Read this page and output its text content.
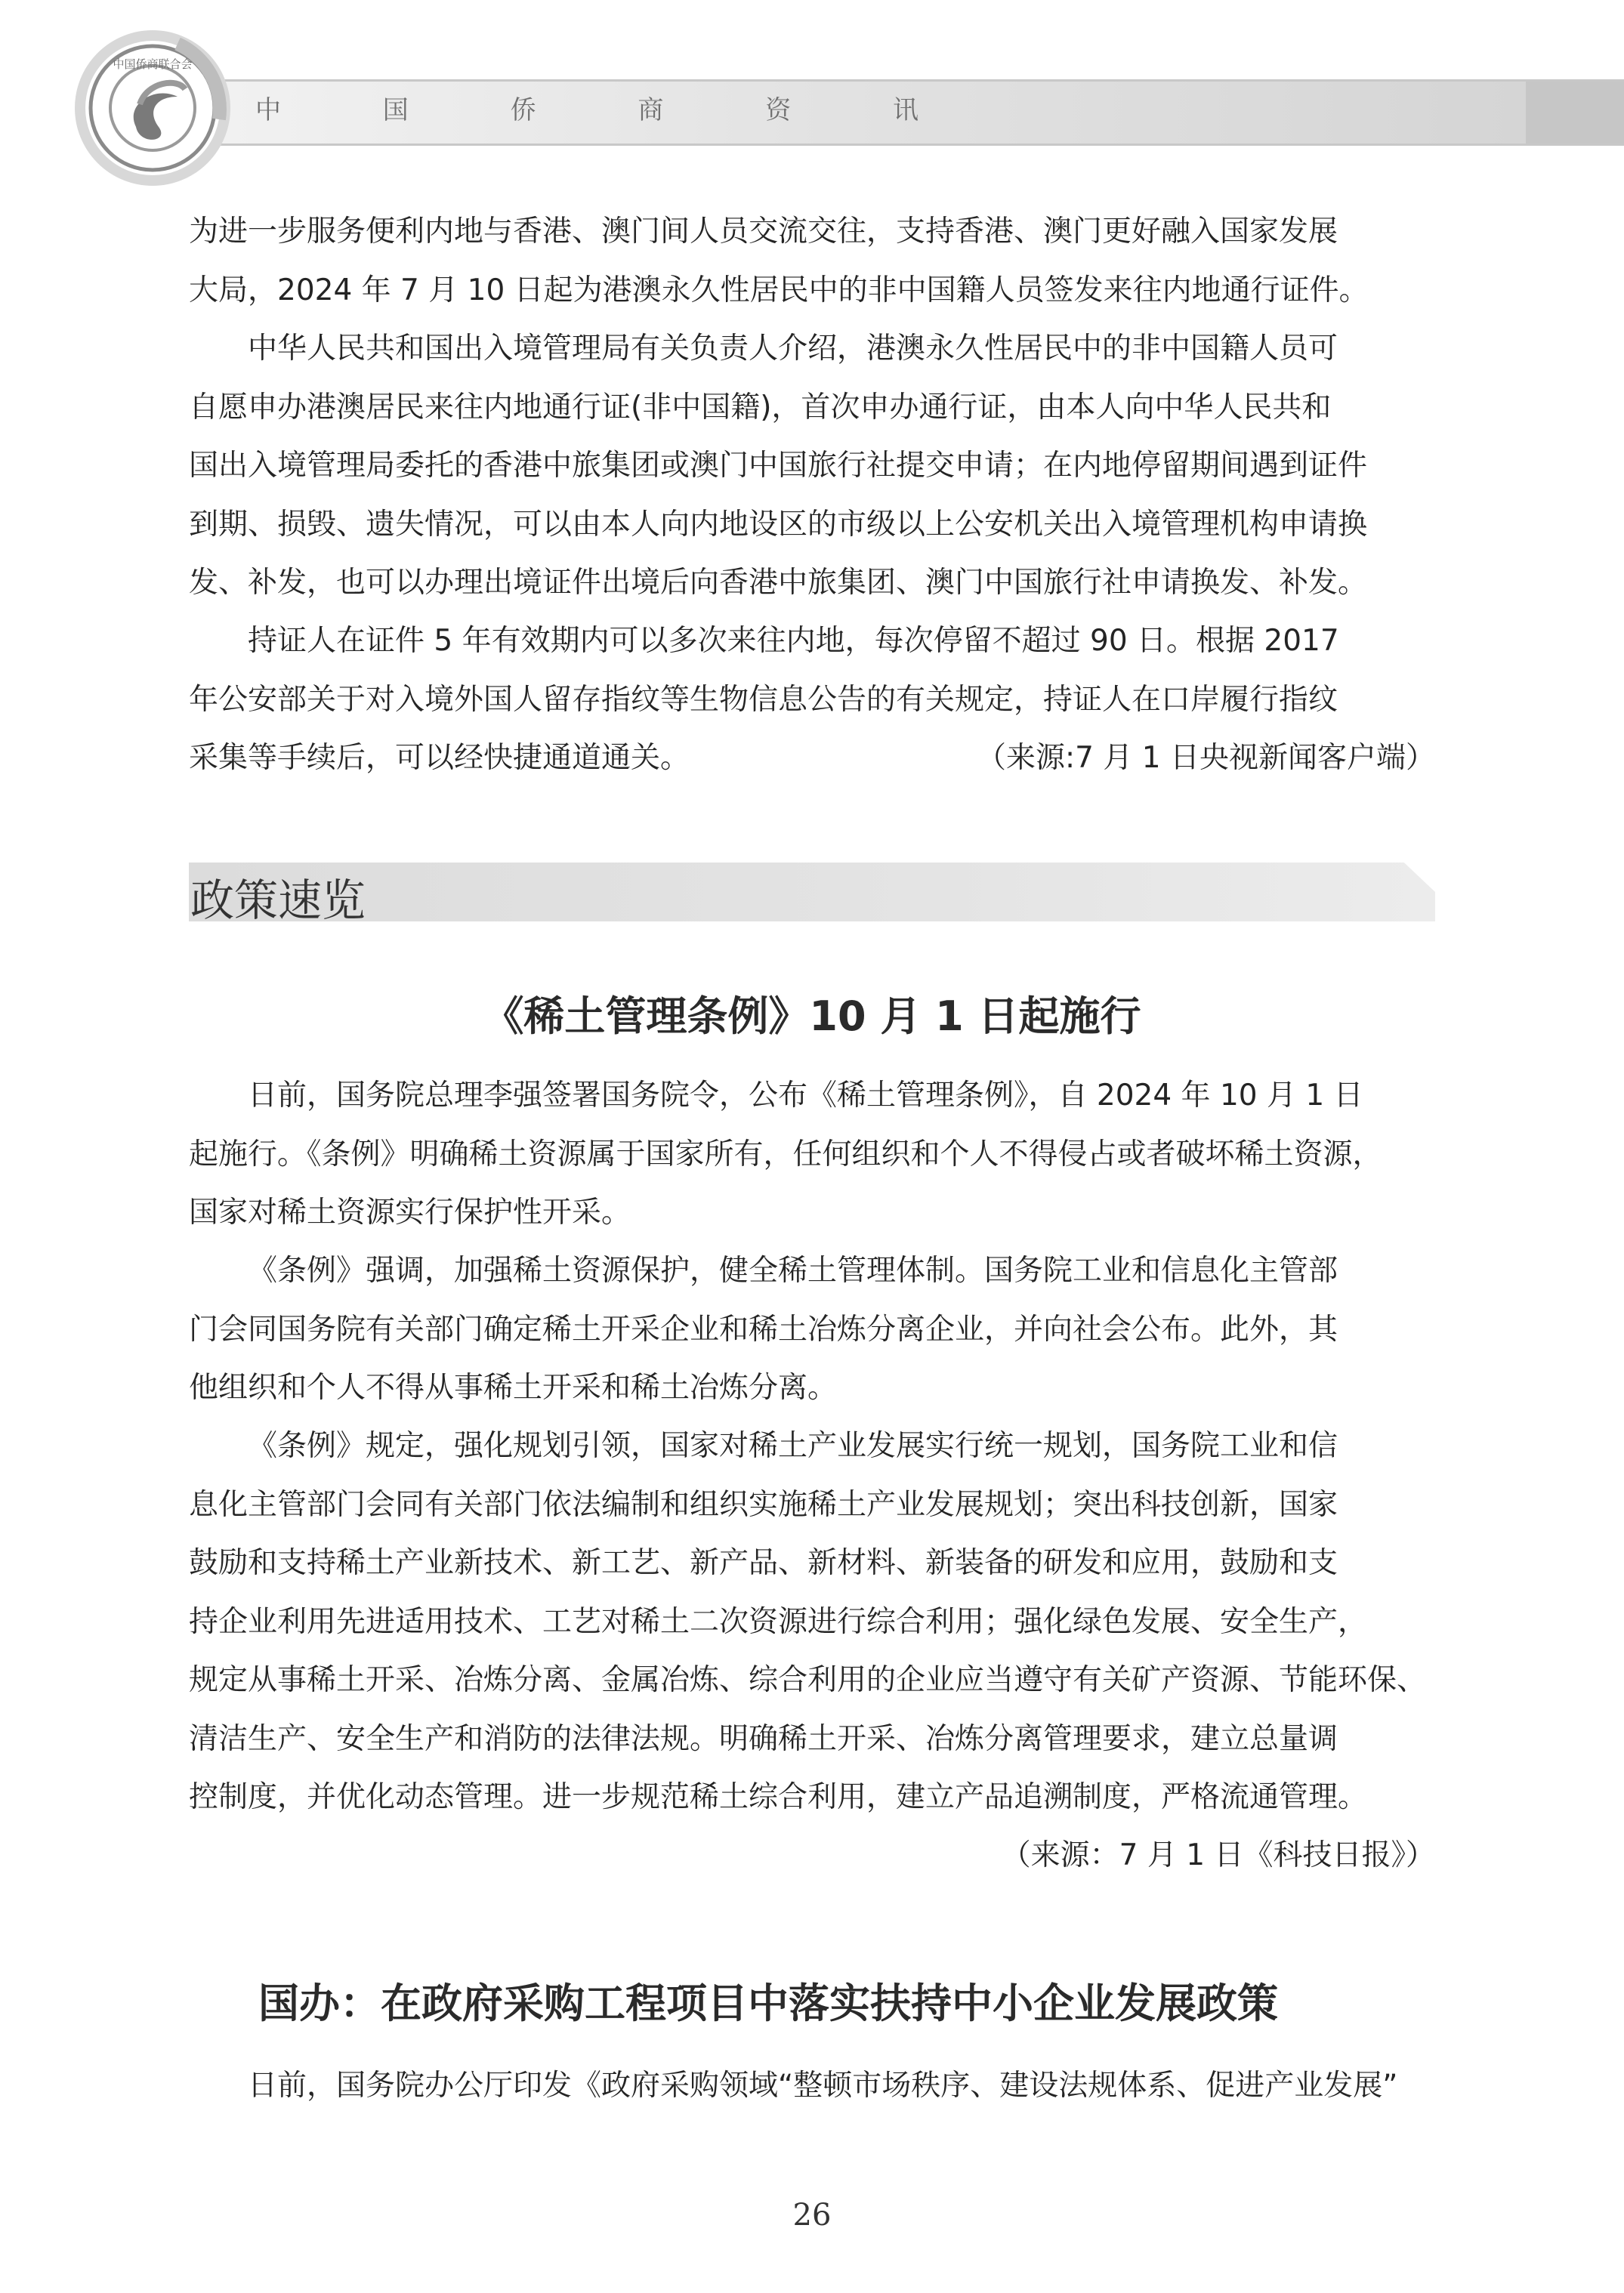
中 国 侨 商 资 讯
中国侨商联合会

为进一步服务便利内地与香港、澳门间人员交流交往，支持香港、澳门更好融入国家发展
大局，2024 年 7 月 10 日起为港澳永久性居民中的非中国籍人员签发来往内地通行证件。

中华人民共和国出入境管理局有关负责人介绍，港澳永久性居民中的非中国籍人员可
自愿申办港澳居民来往内地通行证(非中国籍)，首次申办通行证，由本人向中华人民共和
国出入境管理局委托的香港中旅集团或澳门中国旅行社提交申请；在内地停留期间遇到证件
到期、损毁、遗失情况，可以由本人向内地设区的市级以上公安机关出入境管理机构申请换
发、补发，也可以办理出境证件出境后向香港中旅集团、澳门中国旅行社申请换发、补发。

持证人在证件 5 年有效期内可以多次来往内地，每次停留不超过 90 日。根据 2017
年公安部关于对入境外国人留存指纹等生物信息公告的有关规定，持证人在口岸履行指纹
采集等手续后，可以经快捷通道通关。	（来源:7 月 1 日央视新闻客户端）
政策速览
《稀土管理条例》10 月 1 日起施行

日前，国务院总理李强签署国务院令，公布《稀土管理条例》，自 2024 年 10 月 1 日
起施行。《条例》明确稀土资源属于国家所有，任何组织和个人不得侵占或者破坏稀土资源，
国家对稀土资源实行保护性开采。

《条例》强调，加强稀土资源保护，健全稀土管理体制。国务院工业和信息化主管部
门会同国务院有关部门确定稀土开采企业和稀土冶炼分离企业，并向社会公布。此外，其
他组织和个人不得从事稀土开采和稀土冶炼分离。

《条例》规定，强化规划引领，国家对稀土产业发展实行统一规划，国务院工业和信
息化主管部门会同有关部门依法编制和组织实施稀土产业发展规划；突出科技创新，国家
鼓励和支持稀土产业新技术、新工艺、新产品、新材料、新装备的研发和应用，鼓励和支
持企业利用先进适用技术、工艺对稀土二次资源进行综合利用；强化绿色发展、安全生产，
规定从事稀土开采、冶炼分离、金属冶炼、综合利用的企业应当遵守有关矿产资源、节能环保、
清洁生产、安全生产和消防的法律法规。明确稀土开采、冶炼分离管理要求，建立总量调
控制度，并优化动态管理。进一步规范稀土综合利用，建立产品追溯制度，严格流通管理。

（来源：7 月 1 日《科技日报》）
国办：在政府采购工程项目中落实扶持中小企业发展政策

日前，国务院办公厅印发《政府采购领域“整顿市场秩序、建设法规体系、促进产业发展”

26
